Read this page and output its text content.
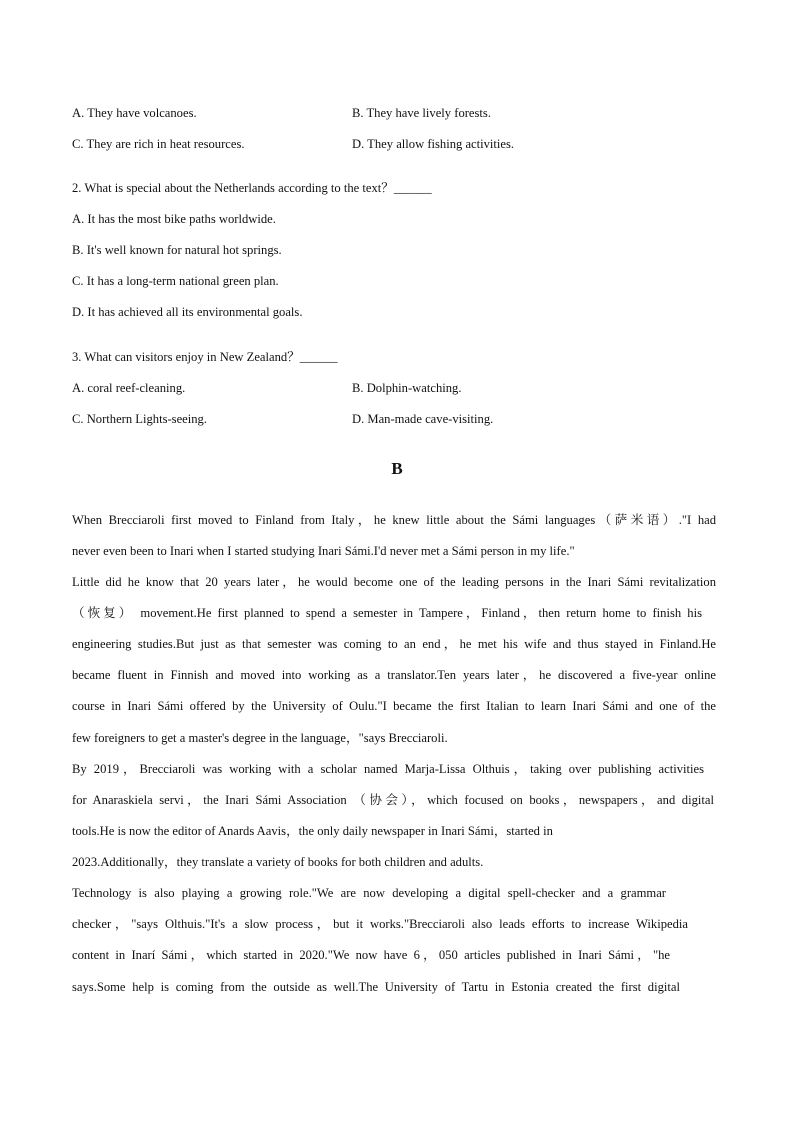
A. They have volcanoes.	B. They have lively forests.
C. They are rich in heat resources.	D. They allow fishing activities.
2. What is special about the Netherlands according to the text？______
A. It has the most bike paths worldwide.
B. It's well known for natural hot springs.
C. It has a long-term national green plan.
D. It has achieved all its environmental goals.
3. What can visitors enjoy in New Zealand？______
A. coral reef-cleaning.	B. Dolphin-watching.
C. Northern Lights-seeing.	D. Man-made cave-visiting.
B
When Brecciaroli first moved to Finland from Italy，he knew little about the Sámi languages（萨米语）."I had
never even been to Inari when I started studying Inari Sámi.I'd never met a Sámi person in my life."
Little did he know that 20 years later，he would become one of the leading persons in the Inari Sámi revitalization
（恢复） movement.He first planned to spend a semester in Tampere，Finland，then return home to finish his
engineering studies.But just as that semester was coming to an end，he met his wife and thus stayed in Finland.He
became fluent in Finnish and moved into working as a translator.Ten years later，he discovered a five-year online
course in Inari Sámi offered by the University of Oulu."I became the first Italian to learn Inari Sámi and one of the
few foreigners to get a master's degree in the language，"says Brecciaroli.
By 2019，Brecciaroli was working with a scholar named Marja-Lissa Olthuis，taking over publishing activities
for Anaraskiela servi，the Inari Sámi Association （协会），which focused on books，newspapers，and digital
tools.He is now the editor of Anards Aavis，the only daily newspaper in Inari Sámi，started in
2023.Additionally，they translate a variety of books for both children and adults.
Technology is also playing a growing role."We are now developing a digital spell-checker and a grammar
checker，"says Olthuis."It's a slow process，but it works."Brecciaroli also leads efforts to increase Wikipedia
content in Inarí Sámi，which started in 2020."We now have 6，050 articles published in Inari Sámi，"he
says.Some help is coming from the outside as well.The University of Tartu in Estonia created the first digital
